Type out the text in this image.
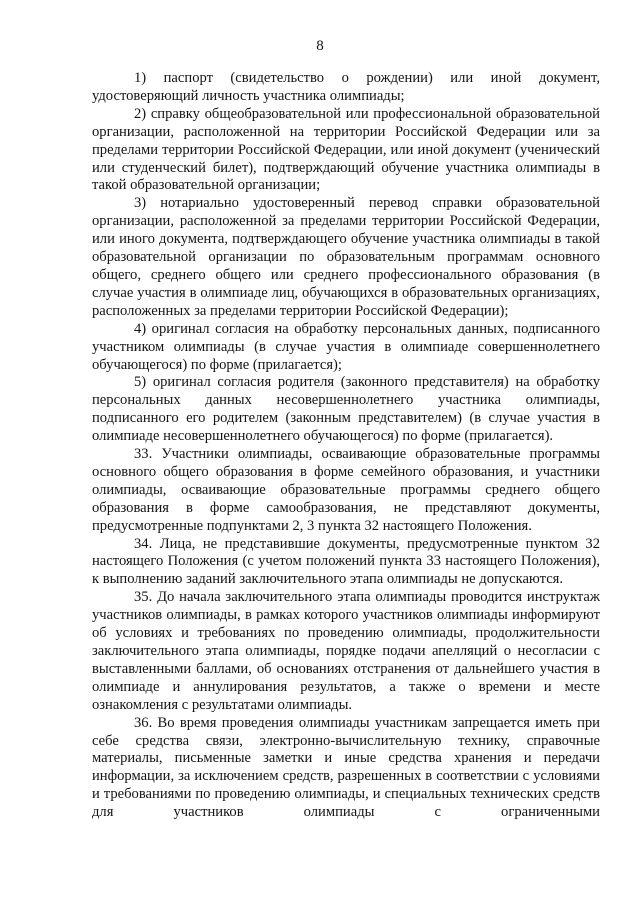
8

1) паспорт (свидетельство о рождении) или иной документ, удостоверяющий личность участника олимпиады;

2) справку общеобразовательной или профессиональной образовательной организации, расположенной на территории Российской Федерации или за пределами территории Российской Федерации, или иной документ (ученический или студенческий билет), подтверждающий обучение участника олимпиады в такой образовательной организации;

3) нотариально удостоверенный перевод справки образовательной организации, расположенной за пределами территории Российской Федерации, или иного документа, подтверждающего обучение участника олимпиады в такой образовательной организации по образовательным программам основного общего, среднего общего или среднего профессионального образования (в случае участия в олимпиаде лиц, обучающихся в образовательных организациях, расположенных за пределами территории Российской Федерации);

4) оригинал согласия на обработку персональных данных, подписанного участником олимпиады (в случае участия в олимпиаде совершеннолетнего обучающегося) по форме (прилагается);

5) оригинал согласия родителя (законного представителя) на обработку персональных данных несовершеннолетнего участника олимпиады, подписанного его родителем (законным представителем) (в случае участия в олимпиаде несовершеннолетнего обучающегося) по форме (прилагается).

33. Участники олимпиады, осваивающие образовательные программы основного общего образования в форме семейного образования, и участники олимпиады, осваивающие образовательные программы среднего общего образования в форме самообразования, не представляют документы, предусмотренные подпунктами 2, 3 пункта 32 настоящего Положения.

34. Лица, не представившие документы, предусмотренные пунктом 32 настоящего Положения (с учетом положений пункта 33 настоящего Положения), к выполнению заданий заключительного этапа олимпиады не допускаются.

35. До начала заключительного этапа олимпиады проводится инструктаж участников олимпиады, в рамках которого участников олимпиады информируют об условиях и требованиях по проведению олимпиады, продолжительности заключительного этапа олимпиады, порядке подачи апелляций о несогласии с выставленными баллами, об основаниях отстранения от дальнейшего участия в олимпиаде и аннулирования результатов, а также о времени и месте ознакомления с результатами олимпиады.

36. Во время проведения олимпиады участникам запрещается иметь при себе средства связи, электронно-вычислительную технику, справочные материалы, письменные заметки и иные средства хранения и передачи информации, за исключением средств, разрешенных в соответствии с условиями и требованиями по проведению олимпиады, и специальных технических средств для участников олимпиады с ограниченными
